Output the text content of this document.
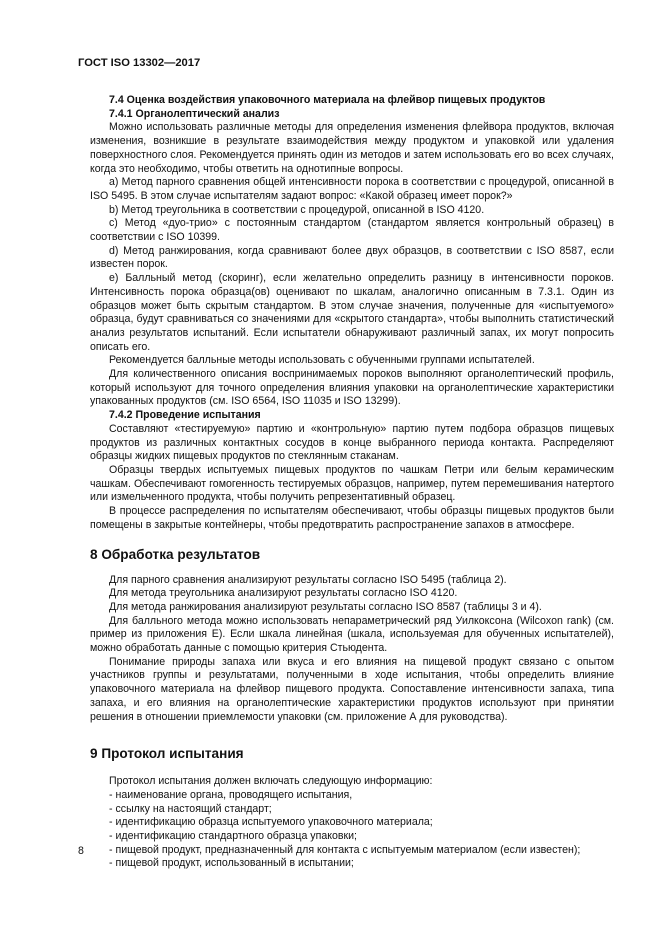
ГОСТ ISO 13302—2017

7.4 Оценка воздействия упаковочного материала на флейвор пищевых продуктов

7.4.1 Органолептический анализ

Можно использовать различные методы для определения изменения флейвора продуктов, включая изменения, возникшие в результате взаимодействия между продуктом и упаковкой или удаления поверхностного слоя. Рекомендуется принять один из методов и затем использовать его во всех случаях, когда это необходимо, чтобы ответить на однотипные вопросы.

а) Метод парного сравнения общей интенсивности порока в соответствии с процедурой, описанной в ISO 5495. В этом случае испытателям задают вопрос: «Какой образец имеет порок?»

b) Метод треугольника в соответствии с процедурой, описанной в ISO 4120.

c) Метод «дуо-трио» с постоянным стандартом (стандартом является контрольный образец) в соответствии с ISO 10399.

d) Метод ранжирования, когда сравнивают более двух образцов, в соответствии с ISO 8587, если известен порок.

e) Балльный метод (скоринг), если желательно определить разницу в интенсивности пороков. Интенсивность порока образца(ов) оценивают по шкалам, аналогично описанным в 7.3.1. Один из образцов может быть скрытым стандартом. В этом случае значения, полученные для «испытуемого» образца, будут сравниваться со значениями для «скрытого стандарта», чтобы выполнить статистический анализ результатов испытаний. Если испытатели обнаруживают различный запах, их могут попросить описать его.

Рекомендуется балльные методы использовать с обученными группами испытателей.

Для количественного описания воспринимаемых пороков выполняют органолептический профиль, который используют для точного определения влияния упаковки на органолептические характеристики упакованных продуктов (см. ISO 6564, ISO 11035 и ISO 13299).

7.4.2 Проведение испытания

Составляют «тестируемую» партию и «контрольную» партию путем подбора образцов пищевых продуктов из различных контактных сосудов в конце выбранного периода контакта. Распределяют образцы жидких пищевых продуктов по стеклянным стаканам.

Образцы твердых испытуемых пищевых продуктов по чашкам Петри или белым керамическим чашкам. Обеспечивают гомогенность тестируемых образцов, например, путем перемешивания натертого или измельченного продукта, чтобы получить репрезентативный образец.

В процессе распределения по испытателям обеспечивают, чтобы образцы пищевых продуктов были помещены в закрытые контейнеры, чтобы предотвратить распространение запахов в атмосфере.

8 Обработка результатов

Для парного сравнения анализируют результаты согласно ISO 5495 (таблица 2).

Для метода треугольника анализируют результаты согласно ISO 4120.

Для метода ранжирования анализируют результаты согласно ISO 8587 (таблицы 3 и 4).

Для балльного метода можно использовать непараметрический ряд Уилкоксона (Wilcoxon rank) (см. пример из приложения Е). Если шкала линейная (шкала, используемая для обученных испытателей), можно обработать данные с помощью критерия Стьюдента.

Понимание природы запаха или вкуса и его влияния на пищевой продукт связано с опытом участников группы и результатами, полученными в ходе испытания, чтобы определить влияние упаковочного материала на флейвор пищевого продукта. Сопоставление интенсивности запаха, типа запаха, и его влияния на органолептические характеристики продуктов используют при принятии решения в отношении приемлемости упаковки (см. приложение А для руководства).

9 Протокол испытания

Протокол испытания должен включать следующую информацию:

- наименование органа, проводящего испытания,

- ссылку на настоящий стандарт;

- идентификацию образца испытуемого упаковочного материала;

- идентификацию стандартного образца упаковки;

- пищевой продукт, предназначенный для контакта с испытуемым материалом (если известен);

- пищевой продукт, использованный в испытании;

8
